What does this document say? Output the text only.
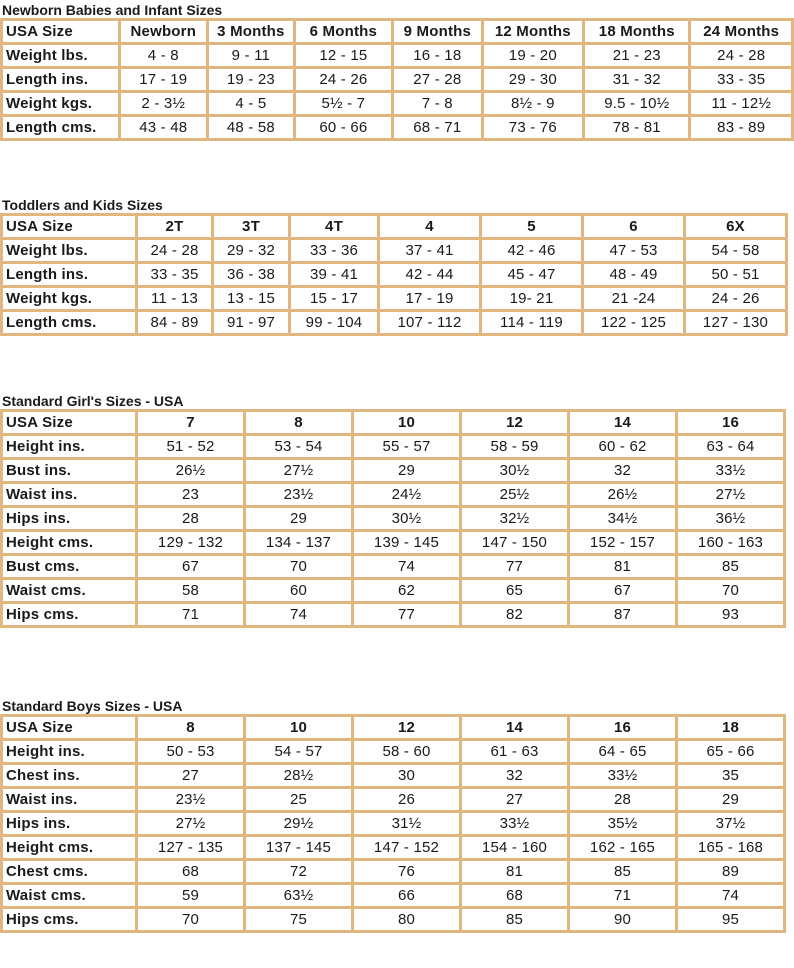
Newborn Babies and Infant Sizes
USA Size	Newborn	3 Months	6 Months	9 Months	12 Months	18 Months	24 Months
Weight lbs.	4 - 8	9 - 11	12 - 15	16 - 18	19 - 20	21 - 23	24 - 28
Length ins.	17 - 19	19 - 23	24 - 26	27 - 28	29 - 30	31 - 32	33 - 35
Weight kgs.	2 - 3½	4 - 5	5½ - 7	7 - 8	8½ - 9	9.5 - 10½	11 - 12½
Length cms.	43 - 48	48 - 58	60 - 66	68 - 71	73 - 76	78 - 81	83 - 89
Toddlers and Kids Sizes
USA Size	2T	3T	4T	4	5	6	6X
Weight lbs.	24 - 28	29 - 32	33 - 36	37 - 41	42 - 46	47 - 53	54 - 58
Length ins.	33 - 35	36 - 38	39 - 41	42 - 44	45 - 47	48 - 49	50 - 51
Weight kgs.	11 - 13	13 - 15	15 - 17	17 - 19	19- 21	21 -24	24 - 26
Length cms.	84 - 89	91 - 97	99 - 104	107 - 112	114 - 119	122 - 125	127 - 130
Standard Girl's Sizes - USA
USA Size	7	8	10	12	14	16
Height ins.	51 - 52	53 - 54	55 - 57	58 - 59	60 - 62	63 - 64
Bust ins.	26½	27½	29	30½	32	33½
Waist ins.	23	23½	24½	25½	26½	27½
Hips ins.	28	29	30½	32½	34½	36½
Height cms.	129 - 132	134 - 137	139 - 145	147 - 150	152 - 157	160 - 163
Bust cms.	67	70	74	77	81	85
Waist cms.	58	60	62	65	67	70
Hips cms.	71	74	77	82	87	93
Standard Boys Sizes - USA
USA Size	8	10	12	14	16	18
Height ins.	50 - 53	54 - 57	58 - 60	61 - 63	64 - 65	65 - 66
Chest ins.	27	28½	30	32	33½	35
Waist ins.	23½	25	26	27	28	29
Hips ins.	27½	29½	31½	33½	35½	37½
Height cms.	127 - 135	137 - 145	147 - 152	154 - 160	162 - 165	165 - 168
Chest cms.	68	72	76	81	85	89
Waist cms.	59	63½	66	68	71	74
Hips cms.	70	75	80	85	90	95
